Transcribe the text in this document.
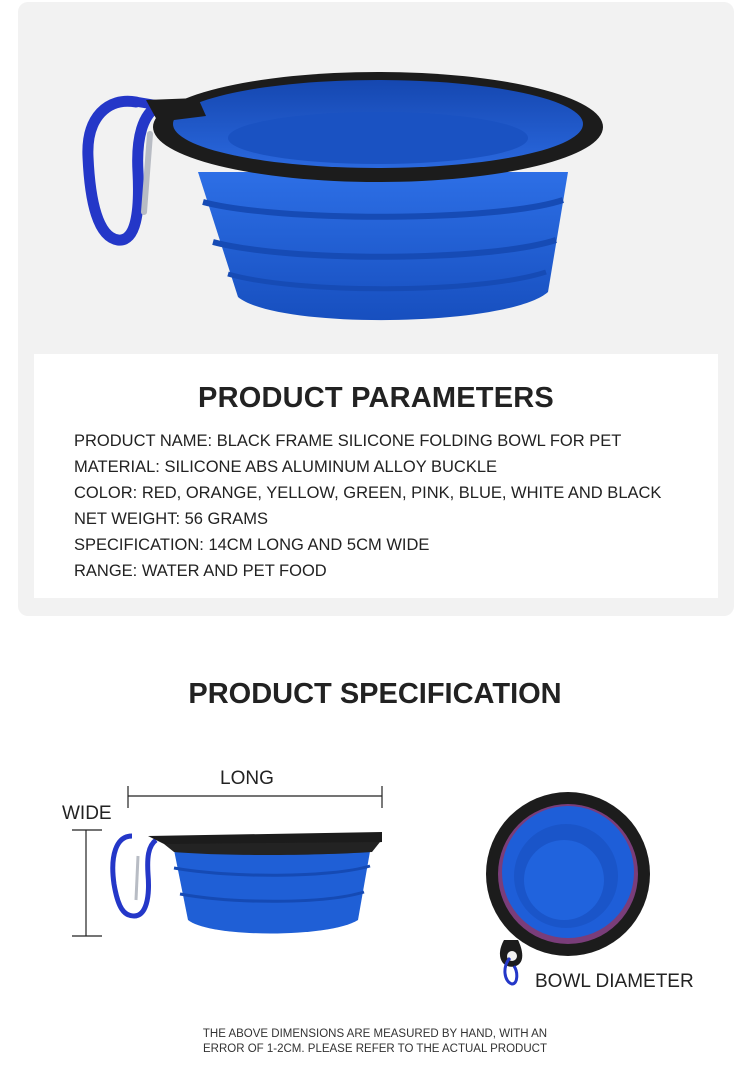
PRODUCT PARAMETERS
PRODUCT NAME: BLACK FRAME SILICONE FOLDING BOWL FOR PET
MATERIAL: SILICONE ABS ALUMINUM ALLOY BUCKLE
COLOR: RED, ORANGE, YELLOW, GREEN, PINK, BLUE, WHITE AND BLACK
NET WEIGHT: 56 GRAMS
SPECIFICATION: 14CM LONG AND 5CM WIDE
RANGE: WATER AND PET FOOD
PRODUCT SPECIFICATION
LONG
WIDE
BOWL DIAMETER
THE ABOVE DIMENSIONS ARE MEASURED BY HAND, WITH AN
ERROR OF 1-2CM. PLEASE REFER TO THE ACTUAL PRODUCT
